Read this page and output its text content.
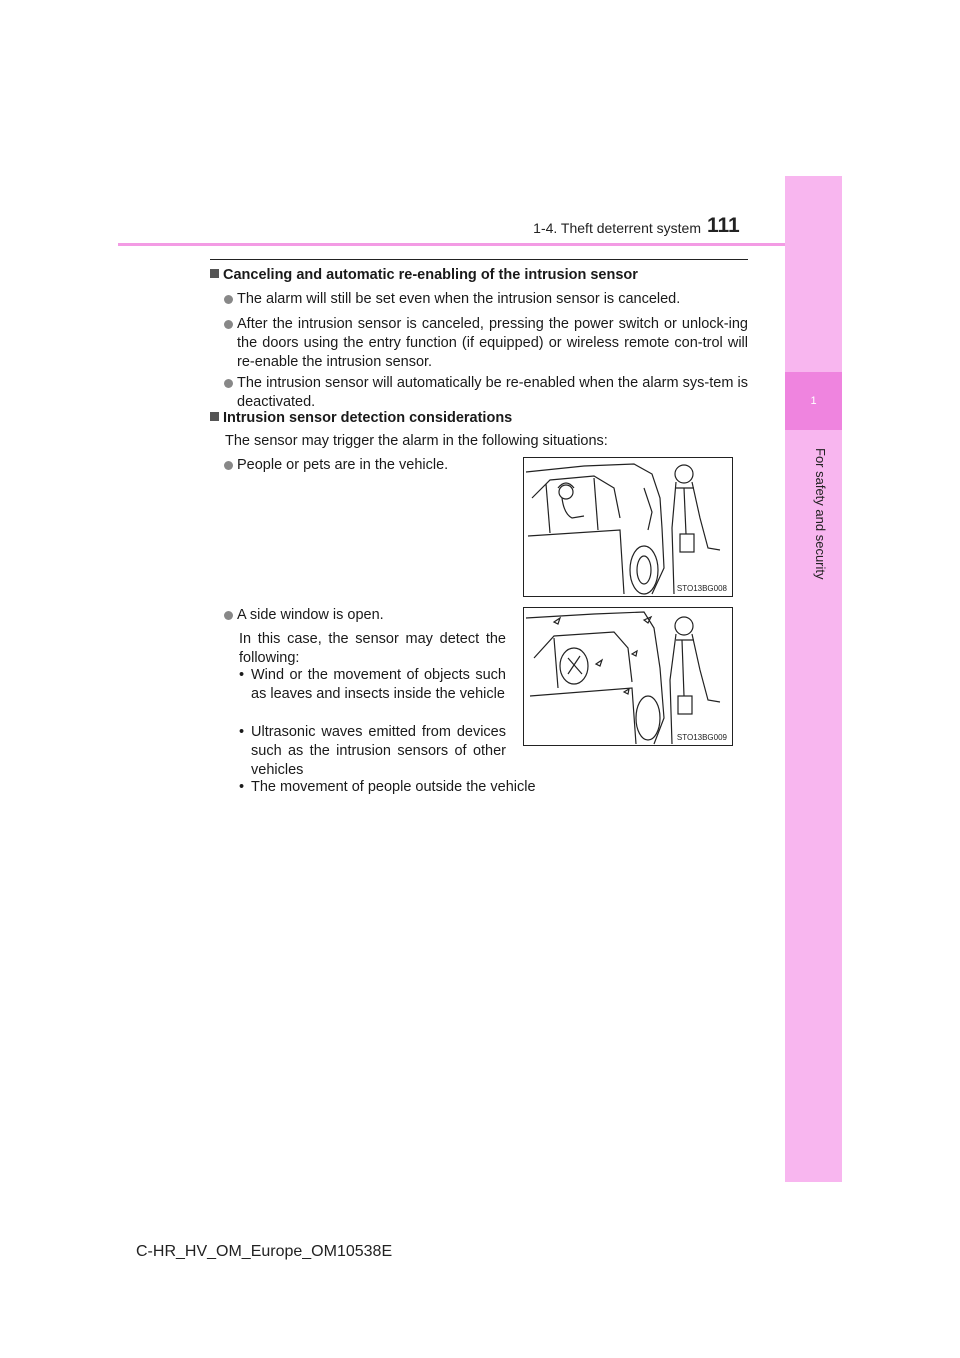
1
For safety and security
1-4. Theft deterrent system 111
Canceling and automatic re-enabling of the intrusion sensor
The alarm will still be set even when the intrusion sensor is canceled.
After the intrusion sensor is canceled, pressing the power switch or unlock-ing the doors using the entry function (if equipped) or wireless remote con-trol will re-enable the intrusion sensor.
The intrusion sensor will automatically be re-enabled when the alarm sys-tem is deactivated.
Intrusion sensor detection considerations
The sensor may trigger the alarm in the following situations:
People or pets are in the vehicle.
STO13BG008
A side window is open.
In this case, the sensor may detect the following:
• Wind or the movement of objects such as leaves and insects inside the vehicle
• Ultrasonic waves emitted from devices such as the intrusion sensors of other vehicles
• The movement of people outside the vehicle
STO13BG009
C-HR_HV_OM_Europe_OM10538E
